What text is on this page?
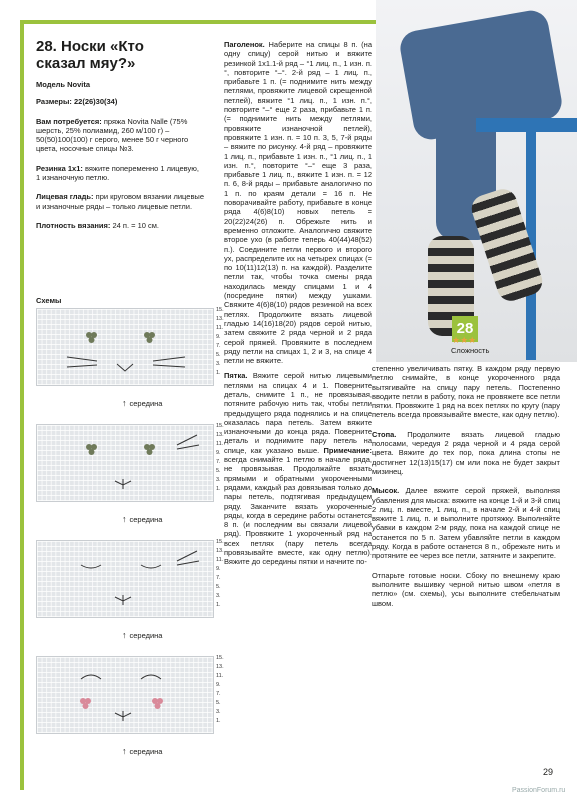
28. Носки «Кто сказал мяу?»

Модель Novita

Размеры: 22(26)30(34)

Вам потребуется: пряжа Novita Nalle (75% шерсть, 25% полиамид, 260 м/100 г) – 50(50)100(100) г серого, менее 50 г черного цвета, носочные спицы №3.

Резинка 1х1: вяжите попеременно 1 лицевую, 1 изнаночную петлю.

Лицевая гладь: при круговом вязании лицевые и изнаночные ряды – только лицевые петли.

Плотность вязания: 24 п. = 10 см.

Схемы
15.
13.
11.
9.
7.
5.
3.
1.
↑ середина
15.
13.
11.
9.
7.
5.
3.
1.
↑ середина
15.
13.
11.
9.
7.
5.
3.
1.
↑ середина
15.
13.
11.
9.
7.
5.
3.
1.
↑ середина

Паголенок. Наберите на спицы 8 п. (на одну спицу) серой нитью и вяжите резинкой 1х1.1-й ряд – °1 лиц. п., 1 изн. п.°, повторите °–°. 2-й ряд – 1 лиц. п., прибавьте 1 п. (= поднимите нить между петлями, провяжите лицевой скрещенной петлей), вяжите °1 лиц. п., 1 изн. п.°, повторите °–° еще 2 раза, прибавьте 1 п. (= поднимите нить между петлями, провяжите изнаночной петлей), провяжите 1 изн. п. = 10 п. 3, 5, 7-й ряды – вяжите по рисунку. 4-й ряд – провяжите 1 лиц. п., прибавьте 1 изн. п., °1 лиц. п., 1 изн. п.°, повторите °–° еще 3 раза, прибавьте 1 лиц. п., вяжите 1 изн. п. = 12 п. 6, 8-й ряды – прибавьте аналогично по 1 п. по краям детали = 16 п. Не поворачивайте работу, прибавьте в конце ряда 4(6)8(10) новых петель = 20(22)24(26) п. Обрежьте нить и временно отложите. Аналогично свяжите второе ухо (в работе теперь 40(44)48(52) п.). Соедините петли первого и второго ух, распределите их на четырех спицах (= по 10(11)12(13) п. на каждой). Разделите петли так, чтобы точка смены ряда находилась между спицами 1 и 4 (посредине пятки) между ушками. Свяжите 4(6)8(10) рядов резинкой на всех петлях. Продолжите вязать лицевой гладью 14(16)18(20) рядов серой нитью, затем свяжите 2 ряда черной и 2 ряда серой пряжей. Провяжите в последнем ряду петли на спицах 1, 2 и 3, на спице 4 петли не вяжите.

Пятка. Вяжите серой нитью лицевыми петлями на спицах 4 и 1. Поверните деталь, снимите 1 п., не провязывая, потяните рабочую нить так, чтобы петли предыдущего ряда поднялись и на спице оказалась пара петель. Затем вяжите изнаночными до конца ряда. Поверните деталь и поднимите пару петель на спице, как указано выше. Примечание: всегда снимайте 1 петлю в начале ряда, не провязывая. Продолжайте вязать прямыми и обратными укороченными рядами, каждый раз довязывая только до пары петель, подтягивая предыдущем ряду. Заканчите вязать укороченные ряды, когда в середине работы останется 8 п. (и последним вы связали лицевой ряд). Провяжите 1 укороченный ряд на всех петлях (пару петель всегда провязывайте вместе, как одну петлю). Вяжите до середины пятки и начните по-

28
Сложность
★★★

степенно увеличивать пятку. В каждом ряду первую петлю снимайте, в конце укороченного ряда вытягивайте на спицу пару петель. Постепенно вводите петли в работу, пока не провяжете все петли пятки. Провяжите 1 ряд на всех петлях по кругу (пару петель всегда провязывайте вместе, как одну петлю).

Стопа. Продолжите вязать лицевой гладью полосами, чередуя 2 ряда черной и 4 ряда серой цвета. Вяжите до тех пор, пока длина стопы не достигнет 12(13)15(17) см или пока не будет закрыт мизинец.

Мысок. Далее вяжите серой пряжей, выполняя убавления для мыска: вяжите на конце 1-й и 3-й спиц 2 лиц. п. вместе, 1 лиц. п., в начале 2-й и 4-й спиц вяжите 1 лиц. п. и выполните протяжку. Выполняйте убавки в каждом 2-м ряду, пока на каждой спице не останется по 5 п. Затем убавляйте петли в каждом ряду. Когда в работе останется 8 п., обрежьте нить и протяните ее через все петли, затяните и закрепите.

Отпарьте готовые носки. Сбоку по внешнему краю выполните вышивку черной нитью швом «петля в петлю» (см. схемы), усы выполните стебельчатым швом.

29
PassionForum.ru
